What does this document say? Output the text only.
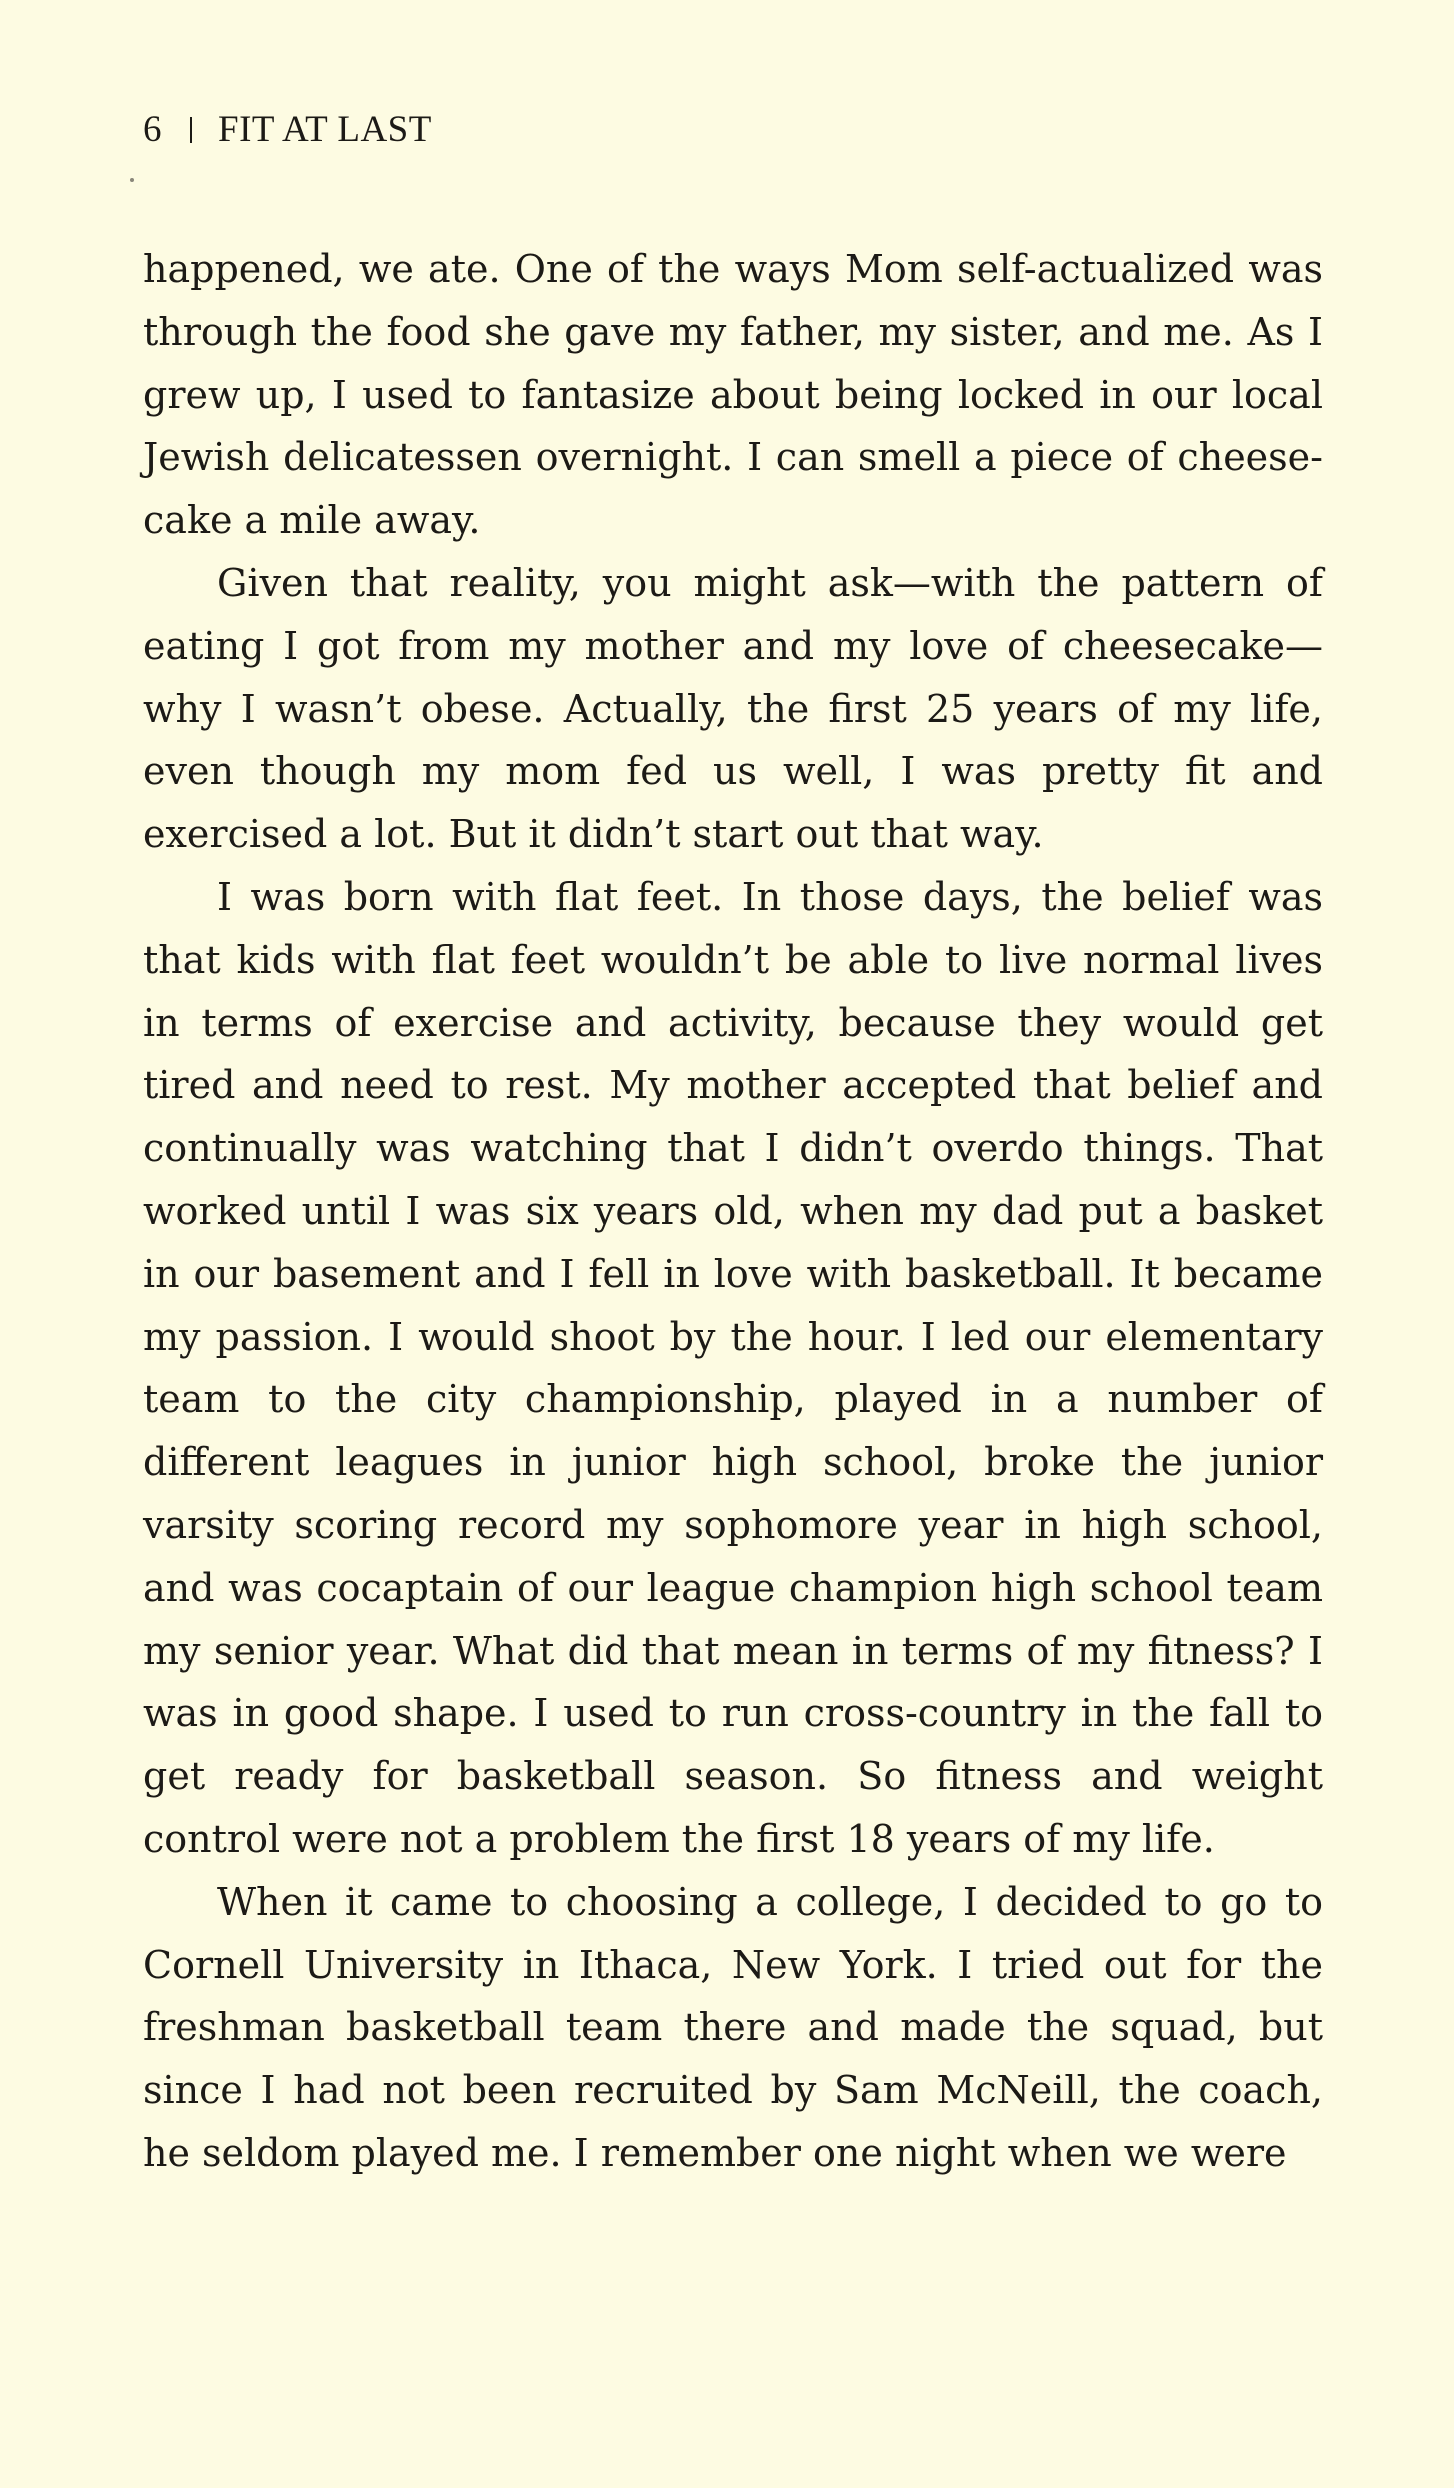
6 FIT AT LAST

happened, we ate. One of the ways Mom self-actualized was through the food she gave my father, my sister, and me. As I grew up, I used to fantasize about being locked in our local Jewish delicatessen overnight. I can smell a piece of cheese-cake a mile away.

Given that reality, you might ask—with the pattern of eating I got from my mother and my love of cheesecake—why I wasn’t obese. Actually, the first 25 years of my life, even though my mom fed us well, I was pretty fit and exercised a lot. But it didn’t start out that way.

I was born with flat feet. In those days, the belief was that kids with flat feet wouldn’t be able to live normal lives in terms of exercise and activity, because they would get tired and need to rest. My mother accepted that belief and continually was watching that I didn’t overdo things. That worked until I was six years old, when my dad put a basket in our basement and I fell in love with basketball. It became my passion. I would shoot by the hour. I led our elementary team to the city championship, played in a number of different leagues in junior high school, broke the junior varsity scoring record my sophomore year in high school, and was cocaptain of our league champion high school team my senior year. What did that mean in terms of my fitness? I was in good shape. I used to run cross-country in the fall to get ready for basketball season. So fitness and weight control were not a problem the first 18 years of my life.

When it came to choosing a college, I decided to go to Cornell University in Ithaca, New York. I tried out for the freshman basketball team there and made the squad, but since I had not been recruited by Sam McNeill, the coach, he seldom played me. I remember one night when we were
